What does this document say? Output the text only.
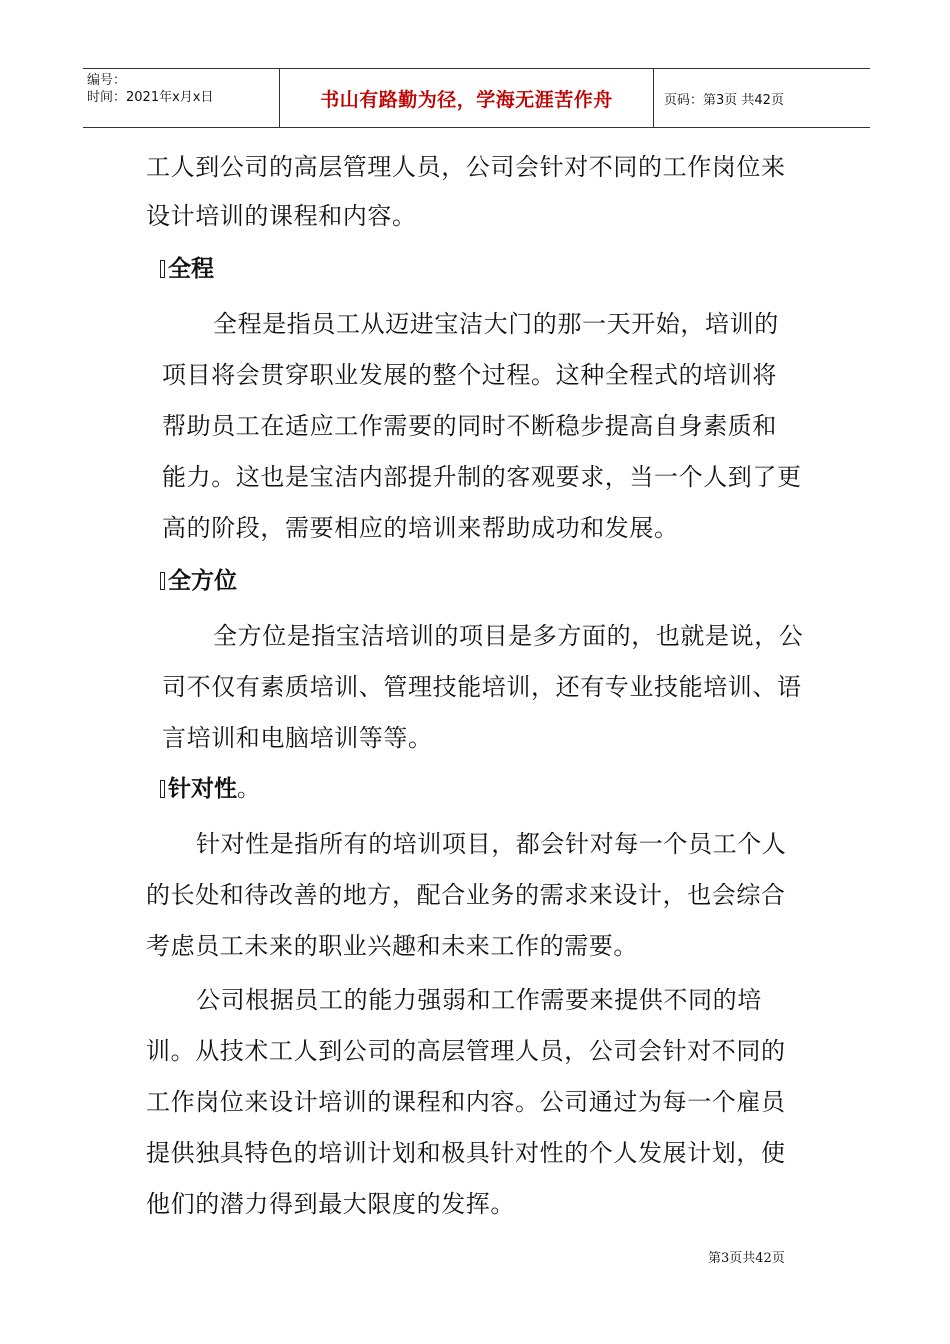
编号：
时间：2021年x月x日	书山有路勤为径，学海无涯苦作舟	页码：第3页 共42页
工人到公司的高层管理人员，公司会针对不同的工作岗位来
设计培训的课程和内容。
全程
全程是指员工从迈进宝洁大门的那一天开始，培训的
项目将会贯穿职业发展的整个过程。这种全程式的培训将
帮助员工在适应工作需要的同时不断稳步提高自身素质和
能力。这也是宝洁内部提升制的客观要求，当一个人到了更
高的阶段，需要相应的培训来帮助成功和发展。
全方位
全方位是指宝洁培训的项目是多方面的，也就是说，公
司不仅有素质培训、管理技能培训，还有专业技能培训、语
言培训和电脑培训等等。
针对性。
针对性是指所有的培训项目，都会针对每一个员工个人
的长处和待改善的地方，配合业务的需求来设计，也会综合
考虑员工未来的职业兴趣和未来工作的需要。
公司根据员工的能力强弱和工作需要来提供不同的培
训。从技术工人到公司的高层管理人员，公司会针对不同的
工作岗位来设计培训的课程和内容。公司通过为每一个雇员
提供独具特色的培训计划和极具针对性的个人发展计划，使
他们的潜力得到最大限度的发挥。
第3页共42页
